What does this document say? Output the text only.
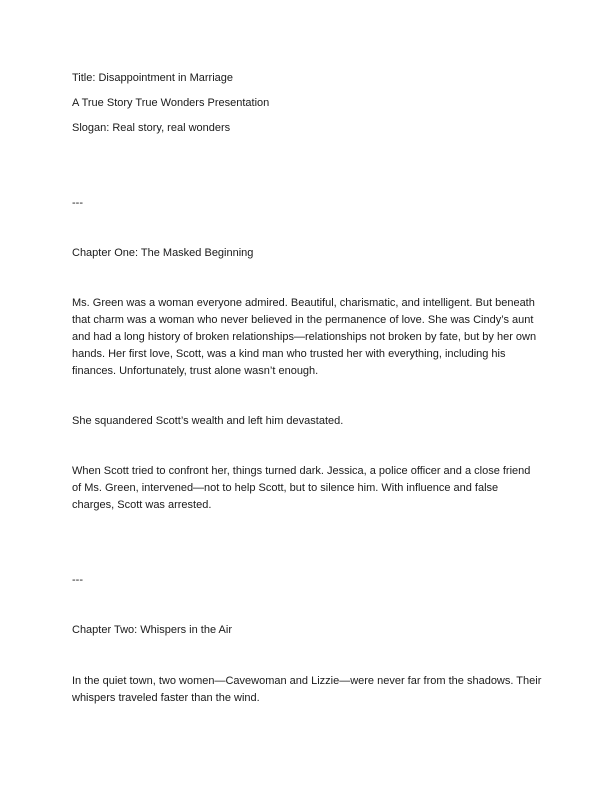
Title: Disappointment in Marriage

A True Story True Wonders Presentation

Slogan: Real story, real wonders

---

Chapter One: The Masked Beginning

Ms. Green was a woman everyone admired. Beautiful, charismatic, and intelligent. But beneath that charm was a woman who never believed in the permanence of love. She was Cindy’s aunt and had a long history of broken relationships—relationships not broken by fate, but by her own hands. Her first love, Scott, was a kind man who trusted her with everything, including his finances. Unfortunately, trust alone wasn’t enough.

She squandered Scott’s wealth and left him devastated.

When Scott tried to confront her, things turned dark. Jessica, a police officer and a close friend of Ms. Green, intervened—not to help Scott, but to silence him. With influence and false charges, Scott was arrested.

---

Chapter Two: Whispers in the Air

In the quiet town, two women—Cavewoman and Lizzie—were never far from the shadows. Their whispers traveled faster than the wind.
